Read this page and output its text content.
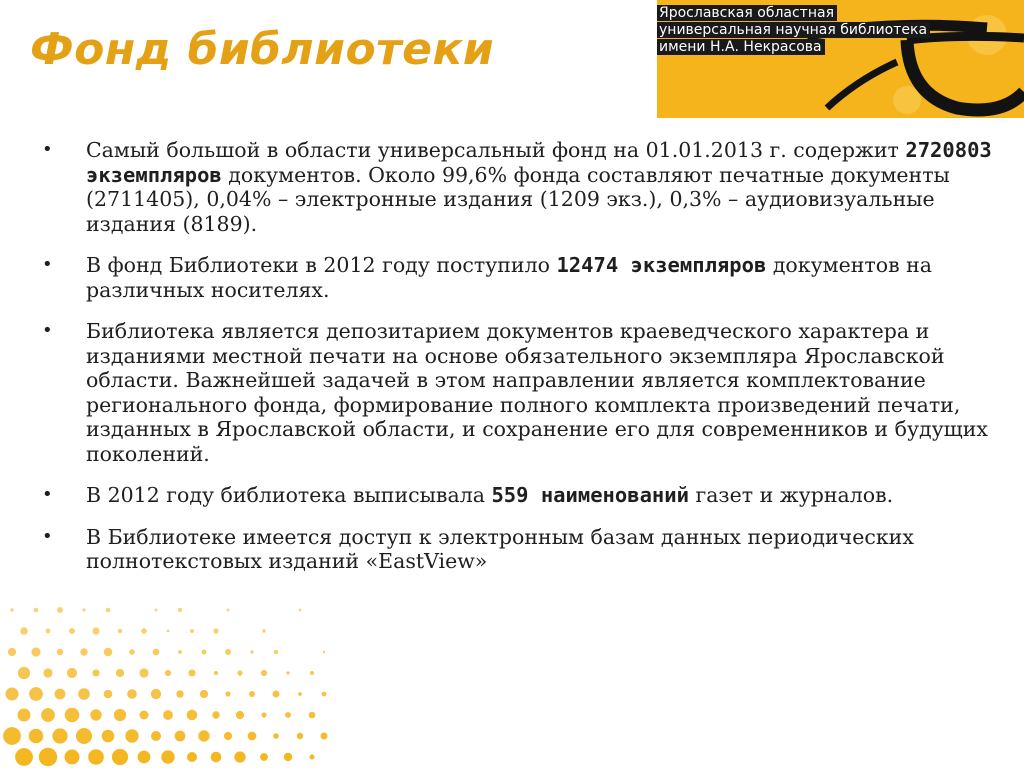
Фонд библиотеки
Ярославская областная
универсальная научная библиотека
имени Н.А. Некрасова
• Самый большой в области универсальный фонд на 01.01.2013 г. содержит 2720803 экземпляров документов. Около 99,6% фонда составляют печатные документы (2711405), 0,04% – электронные издания (1209 экз.), 0,3% – аудиовизуальные издания (8189).
• В фонд Библиотеки в 2012 году поступило 12474 экземпляров документов на различных носителях.
• Библиотека является депозитарием документов краеведческого характера и изданиями местной печати на основе обязательного экземпляра Ярославской области. Важнейшей задачей в этом направлении является комплектование регионального фонда, формирование полного комплекта произведений печати, изданных в Ярославской области, и сохранение его для современников и будущих поколений.
• В 2012 году библиотека выписывала 559 наименований газет и журналов.
• В Библиотеке имеется доступ к электронным базам данных периодических полнотекстовых изданий «EastView»
